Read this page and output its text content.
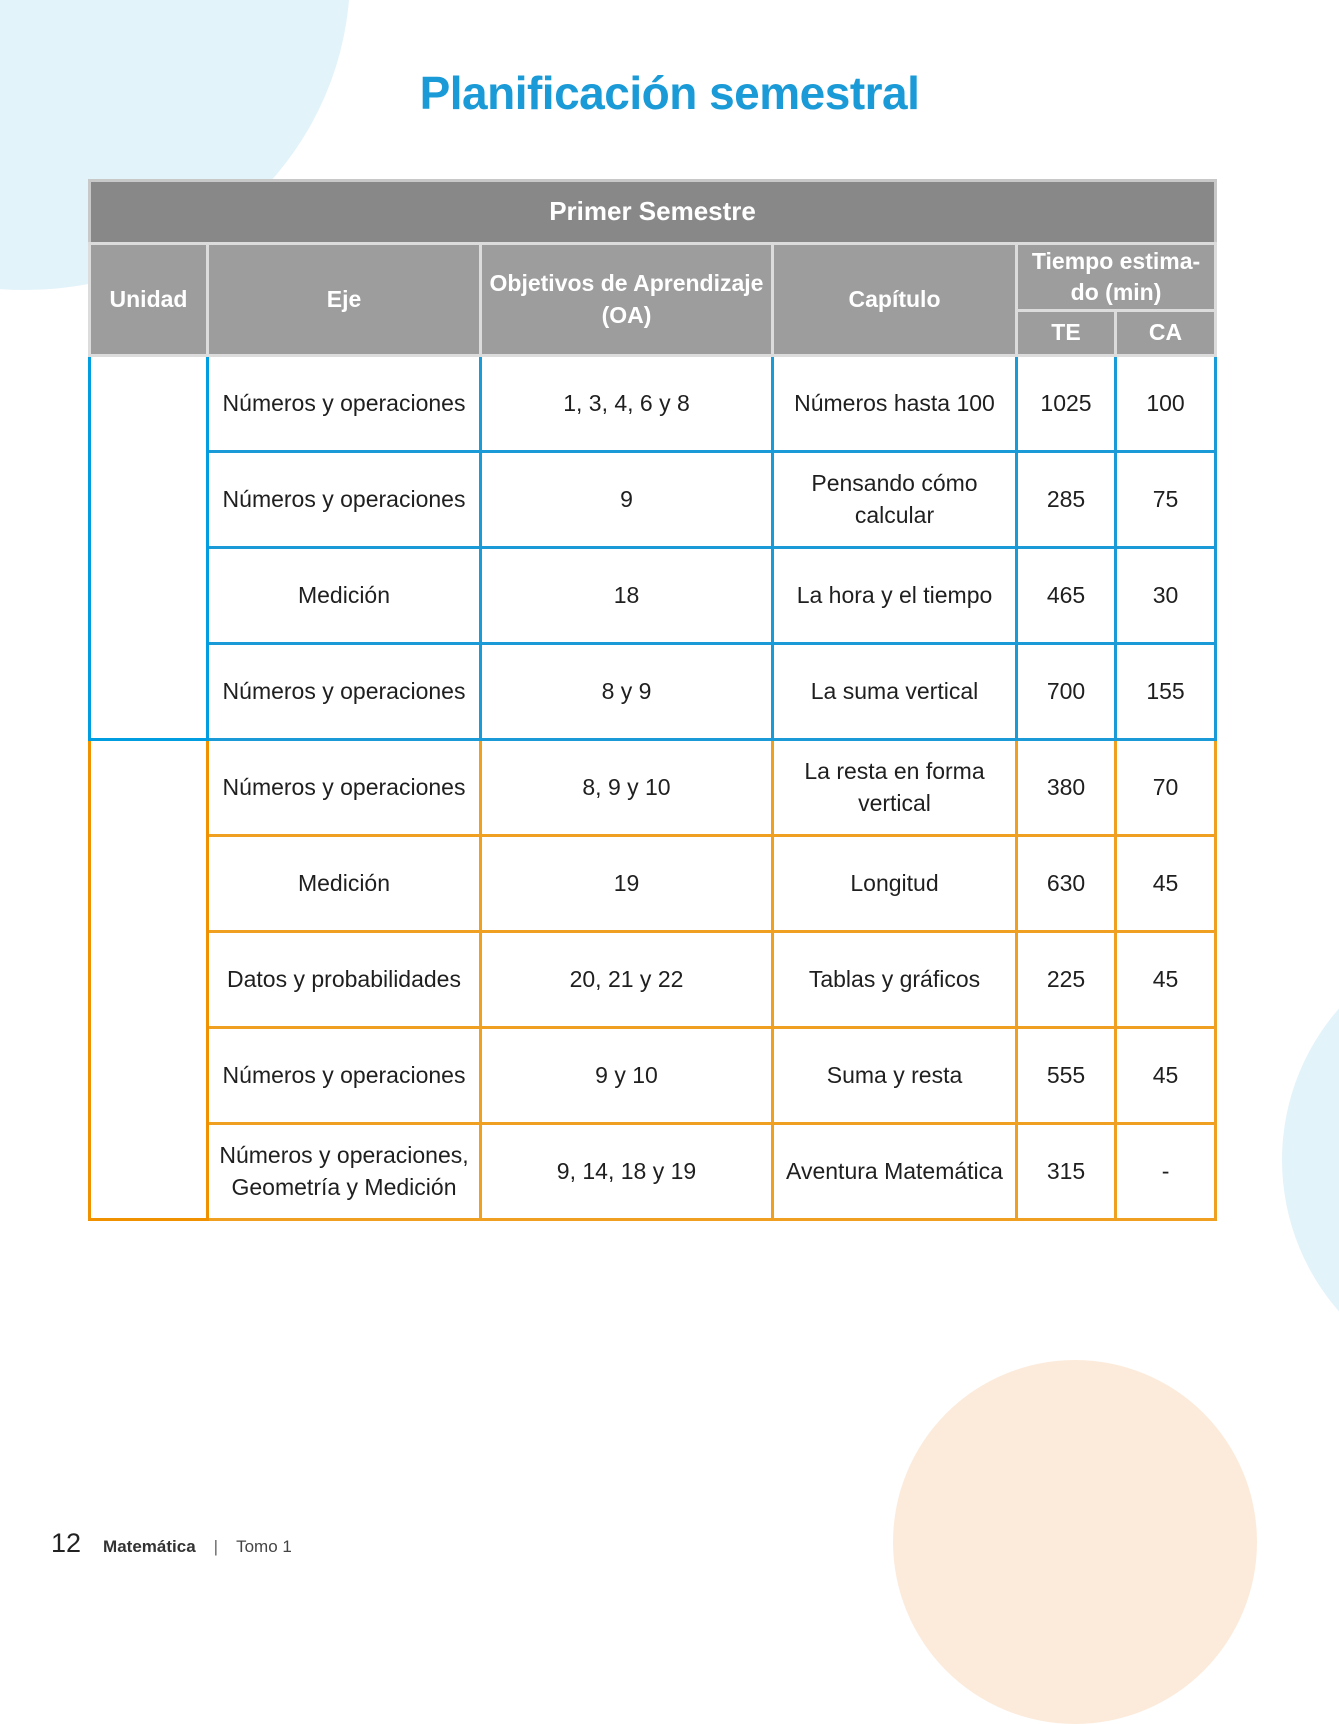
Planificación semestral
Primer Semestre					
Unidad	Eje	Objetivos de Aprendizaje (OA)	Capítulo	Tiempo estima-do (min)	
				TE	CA
1	Números y operaciones	1, 3, 4, 6 y 8	Números hasta 100	1025	100
	Números y operaciones	9	Pensando cómo calcular	285	75
	Medición	18	La hora y el tiempo	465	30
	Números y operaciones	8 y 9	La suma vertical	700	155
2	Números y operaciones	8, 9 y 10	La resta en forma vertical	380	70
	Medición	19	Longitud	630	45
	Datos y probabilidades	20, 21 y 22	Tablas y gráficos	225	45
	Números y operaciones	9 y 10	Suma y resta	555	45
	Números y operaciones, Geometría y Medición	9, 14, 18 y 19	Aventura Matemática	315	-
12 Matemática | Tomo 1
